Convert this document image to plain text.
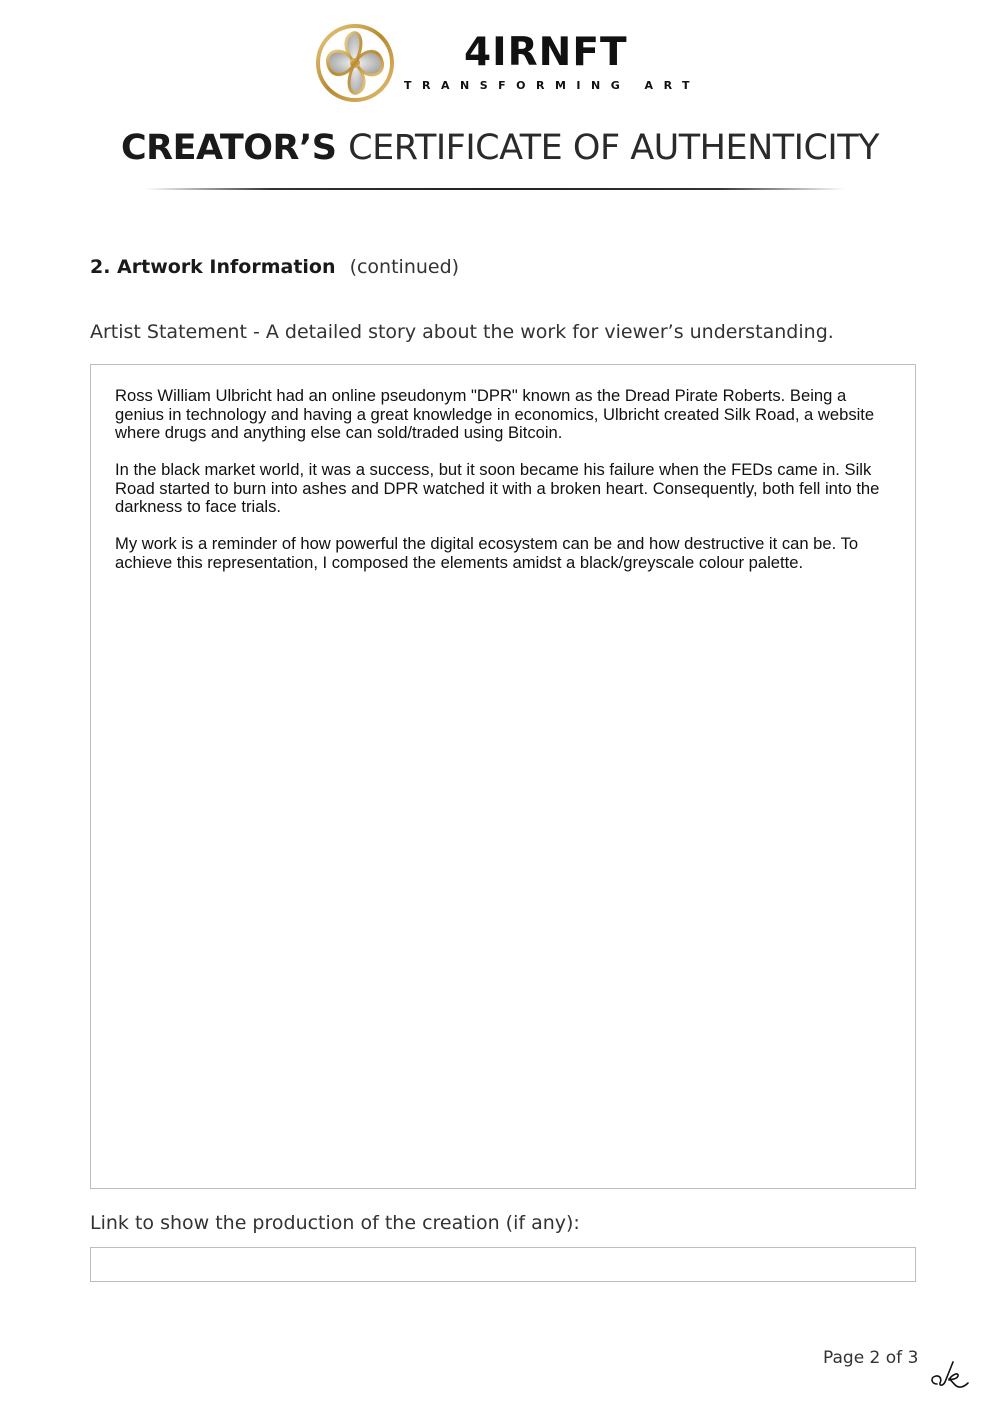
4IRNFT
TRANSFORMING ART
CREATOR’S CERTIFICATE OF AUTHENTICITY
2. Artwork Information (continued)
Artist Statement - A detailed story about the work for viewer’s understanding.

Ross William Ulbricht had an online pseudonym "DPR" known as the Dread Pirate Roberts. Being a genius in technology and having a great knowledge in economics, Ulbricht created Silk Road, a website where drugs and anything else can sold/traded using Bitcoin.

In the black market world, it was a success, but it soon became his failure when the FEDs came in. Silk Road started to burn into ashes and DPR watched it with a broken heart. Consequently, both fell into the darkness to face trials.

My work is a reminder of how powerful the digital ecosystem can be and how destructive it can be. To achieve this representation, I composed the elements amidst a black/greyscale colour palette.

Link to show the production of the creation (if any):
Page 2 of 3
